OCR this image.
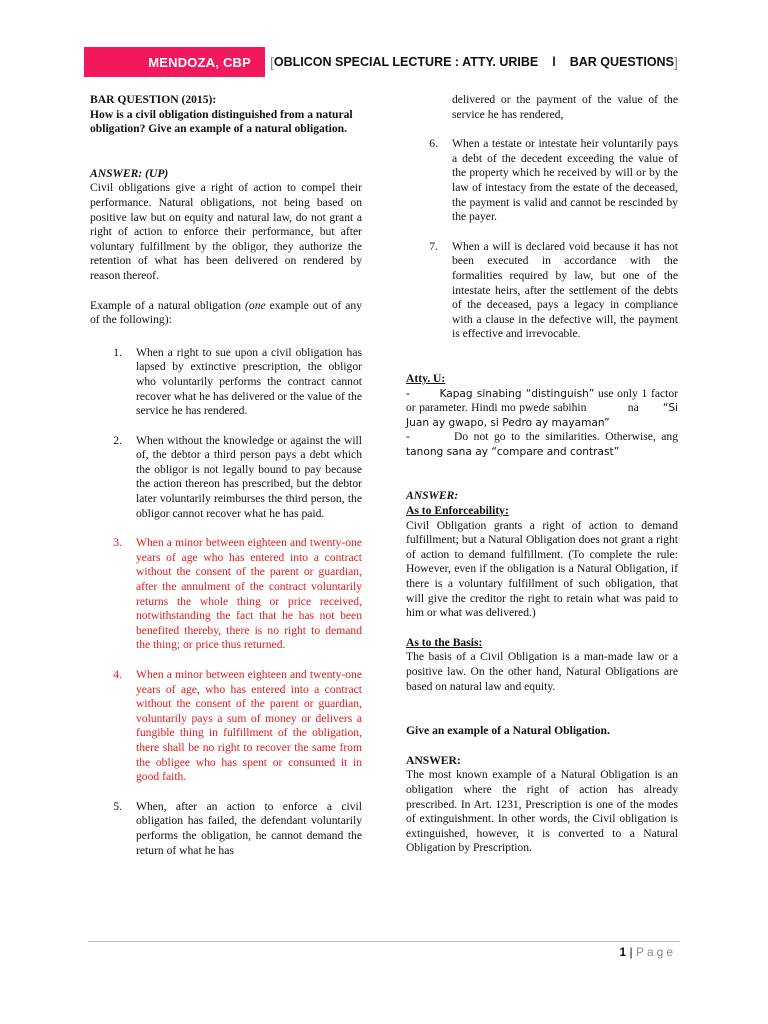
MENDOZA, CBP [ OBLICON SPECIAL LECTURE : ATTY. URIBE	l	BAR QUESTIONS ]

BAR QUESTION (2015):

How is a civil obligation distinguished from a natural obligation? Give an example of a natural obligation.

ANSWER: (UP)

Civil obligations give a right of action to compel their performance. Natural obligations, not being based on positive law but on equity and natural law, do not grant a right of action to enforce their performance, but after voluntary fulfillment by the obligor, they authorize the retention of what has been delivered on rendered by reason thereof.

Example of a natural obligation (one example out of any of the following):

1.	When a right to sue upon a civil obligation has lapsed by extinctive prescription, the obligor who voluntarily performs the contract cannot recover what he has delivered or the value of the service he has rendered.
2.	When without the knowledge or against the will of, the debtor a third person pays a debt which the obligor is not legally bound to pay because the action thereon has prescribed, but the debtor later voluntarily reimburses the third person, the obligor cannot recover what he has paid.
3.	When a minor between eighteen and twenty-one years of age who has entered into a contract without the consent of the parent or guardian, after the annulment of the contract voluntarily returns the whole thing or price received, notwithstanding the fact that he has not been benefited thereby, there is no right to demand the thing; or price thus returned.
4.	When a minor between eighteen and twenty-one years of age, who has entered into a contract without the consent of the parent or guardian, voluntarily pays a sum of money or delivers a fungible thing in fulfillment of the obligation, there shall be no right to recover the same from the obligee who has spent or consumed it in good faith.
5.	When, after an action to enforce a civil obligation has failed, the defendant voluntarily performs the obligation, he cannot demand the return of what he has
delivered or the payment of the value of the service he has rendered,
6.	When a testate or intestate heir voluntarily pays a debt of the decedent exceeding the value of the property which he received by will or by the law of intestacy from the estate of the deceased, the payment is valid and cannot be rescinded by the payer.
7.	When a will is declared void because it has not been executed in accordance with the formalities required by law, but one of the intestate heirs, after the settlement of the debts of the deceased, pays a legacy in compliance with a clause in the defective will, the payment is effective and irrevocable.

Atty. U:

-	Kapag sinabing “distinguish” use only 1 factor or parameter. Hindi mo pwede sabihin	na “Si Juan ay gwapo, si Pedro ay mayaman”

-	Do not go to the similarities. Otherwise, ang tanong sana ay “compare and contrast”

ANSWER:

As to Enforceability:

Civil Obligation grants a right of action to demand fulfillment; but a Natural Obligation does not grant a right of action to demand fulfillment. (To complete the rule: However, even if the obligation is a Natural Obligation, if there is a voluntary fulfillment of such obligation, that will give the creditor the right to retain what was paid to him or what was delivered.)

As to the Basis:

The basis of a Civil Obligation is a man-made law or a positive law. On the other hand, Natural Obligations are based on natural law and equity.

Give an example of a Natural Obligation.

ANSWER:

The most known example of a Natural Obligation is an obligation where the right of action has already prescribed. In Art. 1231, Prescription is one of the modes of extinguishment. In other words, the Civil obligation is extinguished, however, it is converted to a Natural Obligation by Prescription.

1 | Page
